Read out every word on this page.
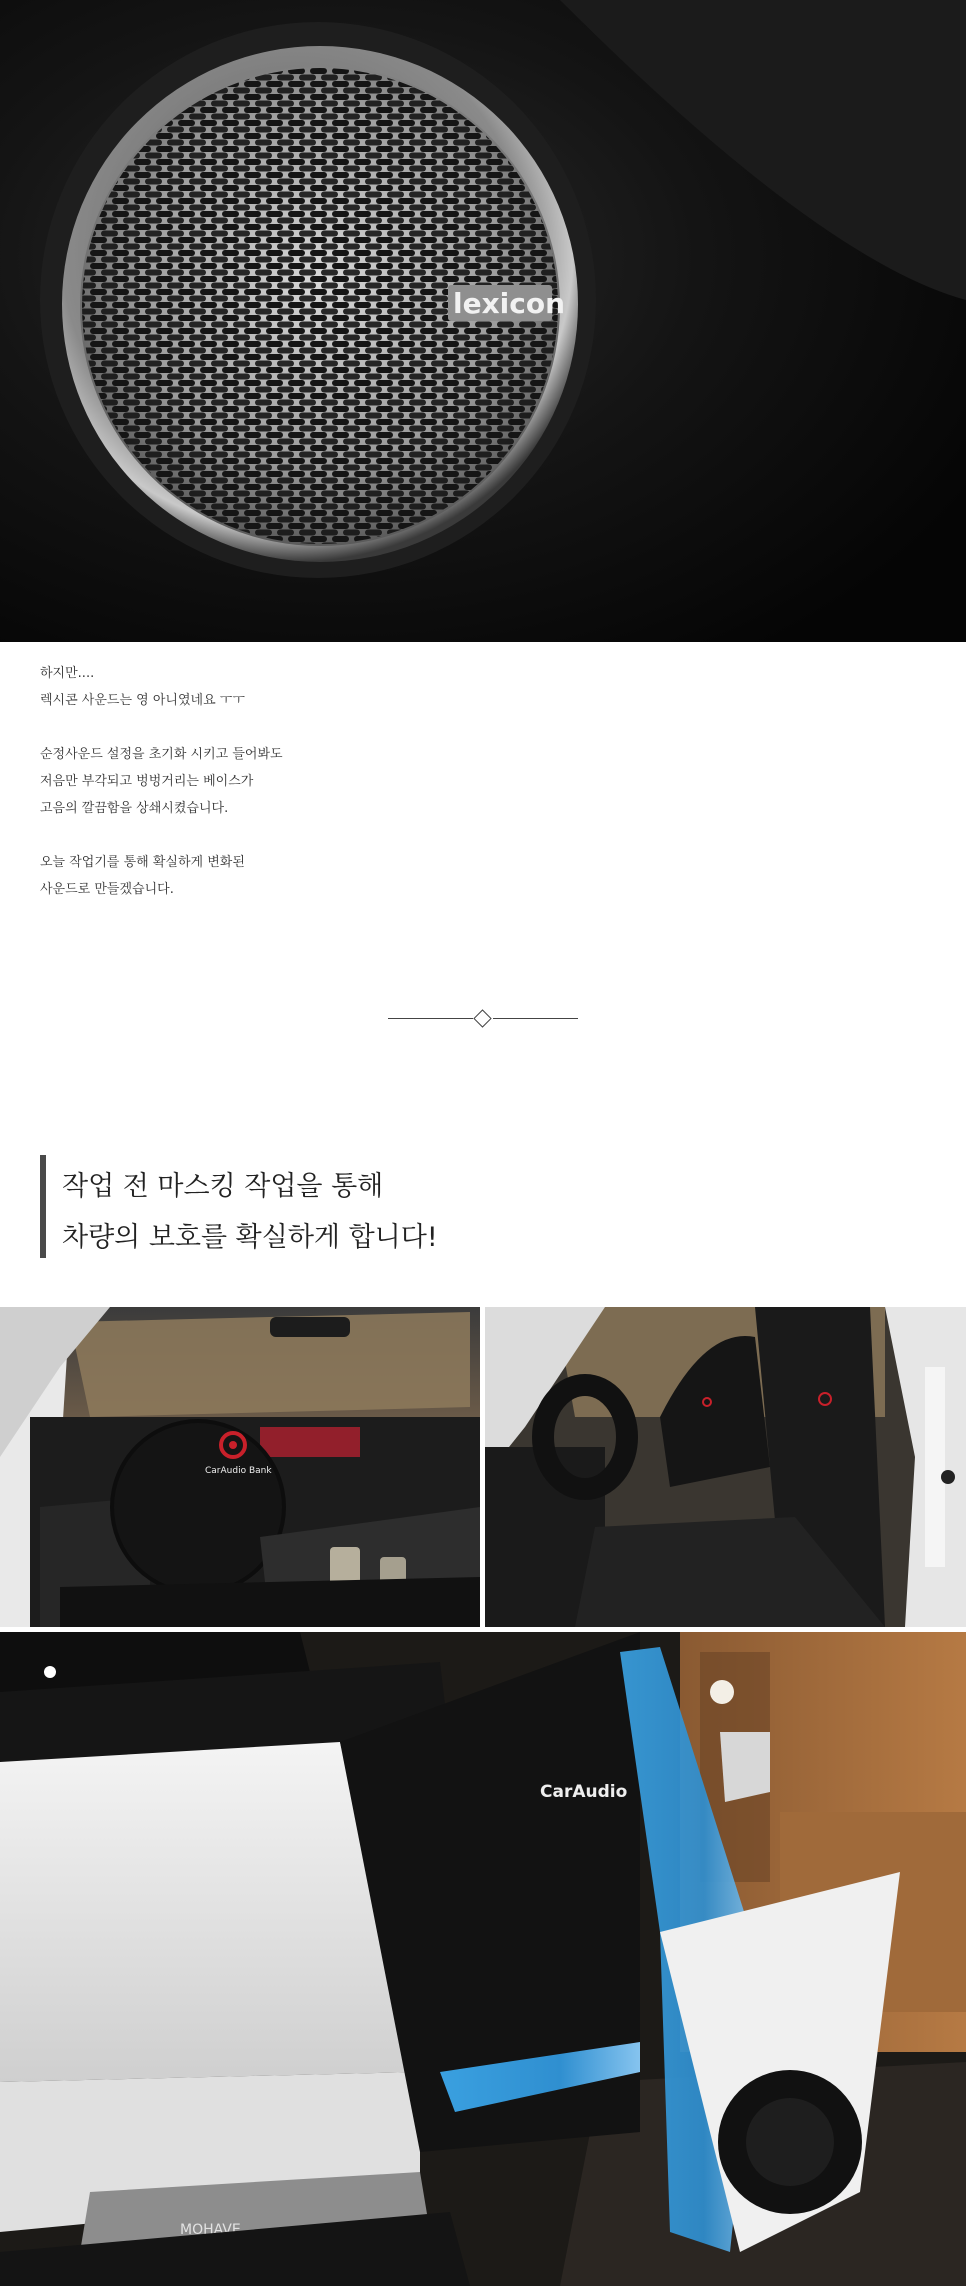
lexicon
하지만....
렉시콘 사운드는 영 아니였네요 ㅜㅜ
순정사운드 설정을 초기화 시키고 들어봐도
저음만 부각되고 벙벙거리는 베이스가
고음의 깔끔함을 상쇄시켰습니다.
오늘 작업기를 통해 확실하게 변화된
사운드로 만들겠습니다.
작업 전 마스킹 작업을 통해
차량의 보호를 확실하게 합니다!
CarAudio Bank
CarAudio
MOHAVE
